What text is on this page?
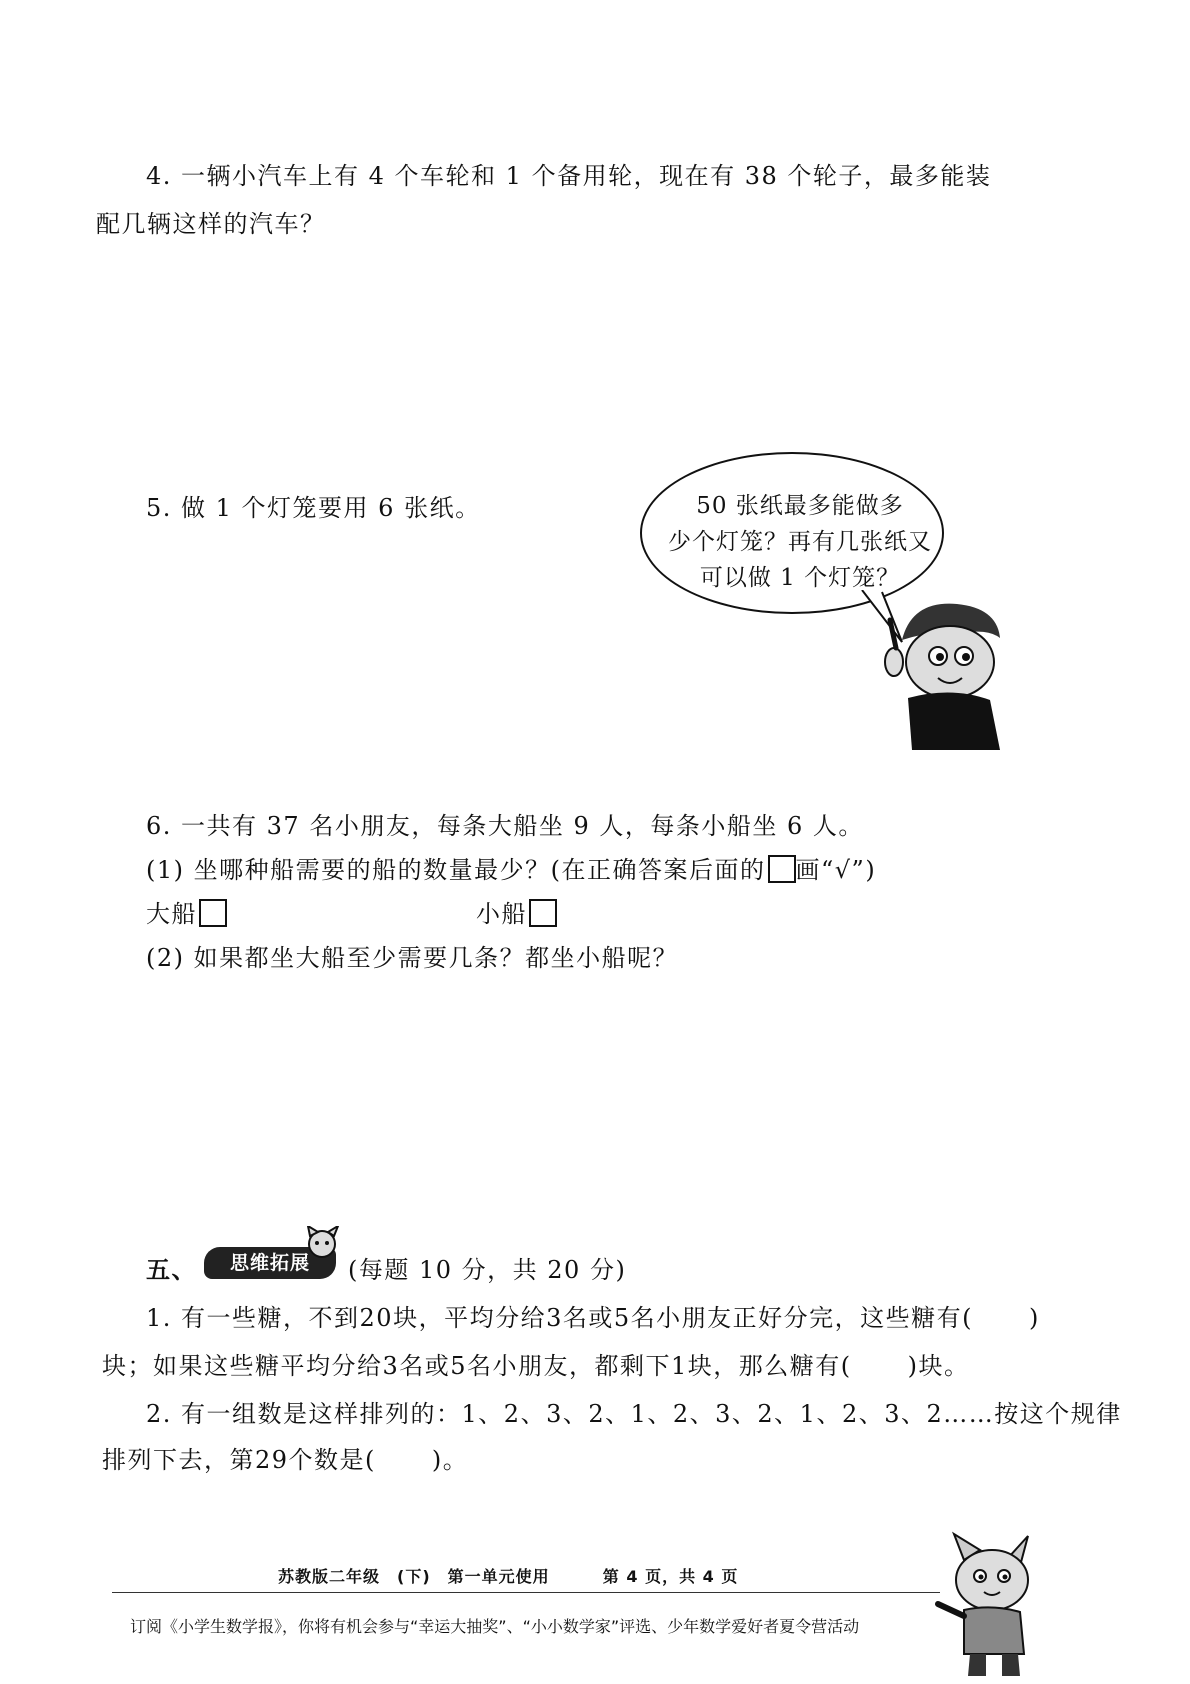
4. 一辆小汽车上有 4 个车轮和 1 个备用轮，现在有 38 个轮子，最多能装
配几辆这样的汽车？
5. 做 1 个灯笼要用 6 张纸。	50 张纸最多能做多
少个灯笼？再有几张纸又
可以做 1 个灯笼？
6. 一共有 37 名小朋友，每条大船坐 9 人，每条小船坐 6 人。
(1) 坐哪种船需要的船的数量最少？(在正确答案后面的 画“√”)
大船	小船
(2) 如果都坐大船至少需要几条？都坐小船呢？
五、	思维拓展	(每题 10 分，共 20 分)
1. 有一些糖，不到20块，平均分给3名或5名小朋友正好分完，这些糖有( )
块；如果这些糖平均分给3名或5名小朋友，都剩下1块，那么糖有( )块。
2. 有一组数是这样排列的：1、2、3、2、1、2、3、2、1、2、3、2……按这个规律
排列下去，第29个数是( )。
苏教版二年级　(下)　第一单元使用	第 4 页，共 4 页
订阅《小学生数学报》，你将有机会参与“幸运大抽奖”、“小小数学家”评选、少年数学爱好者夏令营活动
